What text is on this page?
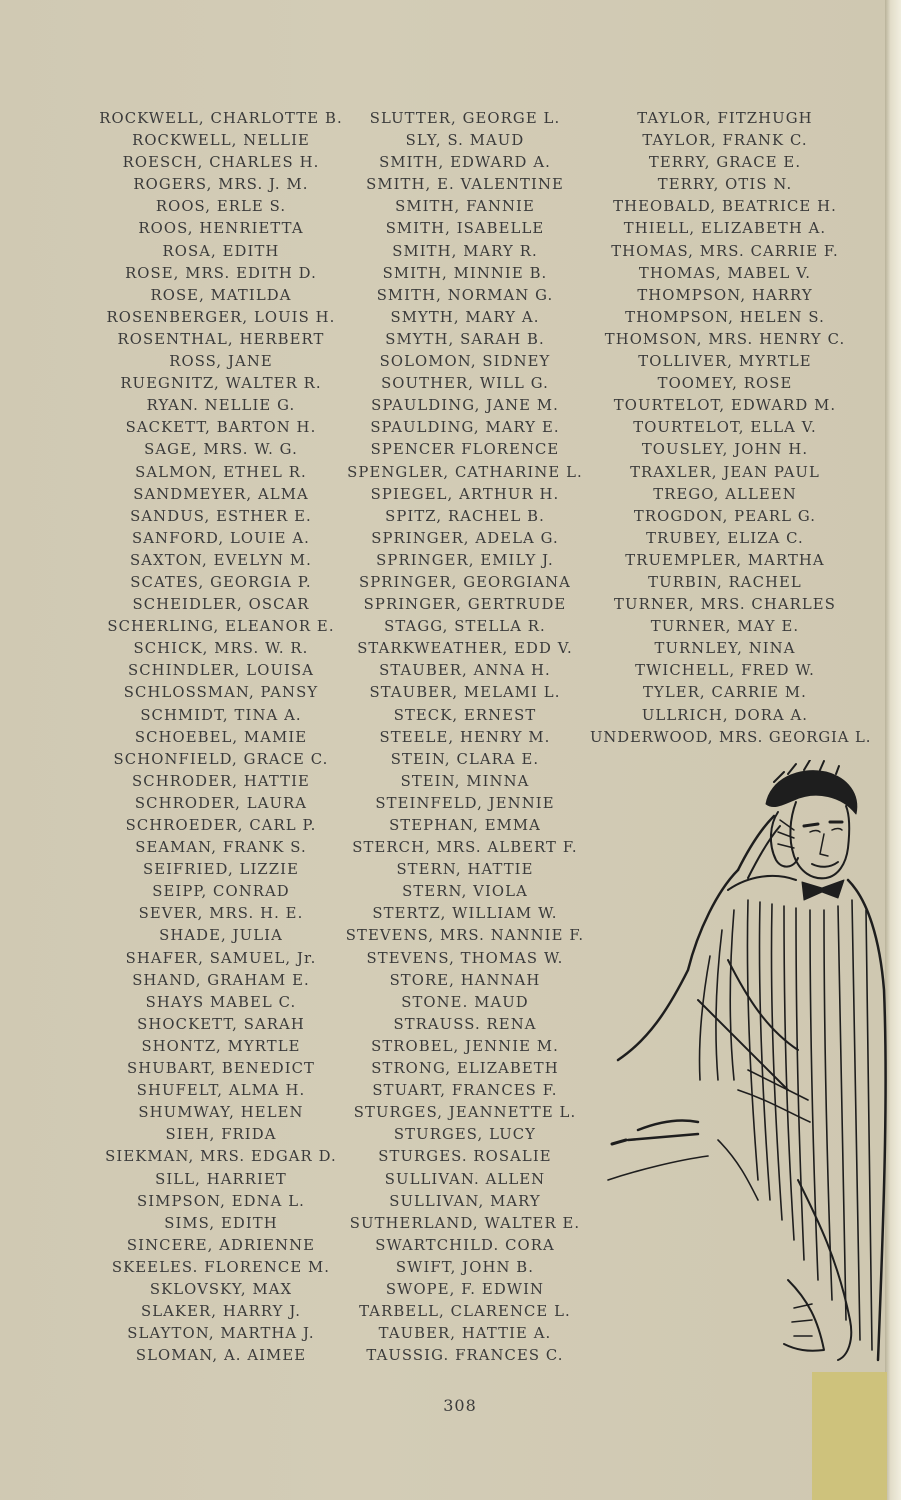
ROCKWELL, CHARLOTTE B.
ROCKWELL, NELLIE
ROESCH, CHARLES H.
ROGERS, MRS. J. M.
ROOS, ERLE S.
ROOS, HENRIETTA
ROSA, EDITH
ROSE, MRS. EDITH D.
ROSE, MATILDA
ROSENBERGER, LOUIS H.
ROSENTHAL, HERBERT
ROSS, JANE
RUEGNITZ, WALTER R.
RYAN. NELLIE G.
SACKETT, BARTON H.
SAGE, MRS. W. G.
SALMON, ETHEL R.
SANDMEYER, ALMA
SANDUS, ESTHER E.
SANFORD, LOUIE A.
SAXTON, EVELYN M.
SCATES, GEORGIA P.
SCHEIDLER, OSCAR
SCHERLING, ELEANOR E.
SCHICK, MRS. W. R.
SCHINDLER, LOUISA
SCHLOSSMAN, PANSY
SCHMIDT, TINA A.
SCHOEBEL, MAMIE
SCHONFIELD, GRACE C.
SCHRODER, HATTIE
SCHRODER, LAURA
SCHROEDER, CARL P.
SEAMAN, FRANK S.
SEIFRIED, LIZZIE
SEIPP, CONRAD
SEVER, MRS. H. E.
SHADE, JULIA
SHAFER, SAMUEL, Jr.
SHAND, GRAHAM E.
SHAYS MABEL C.
SHOCKETT, SARAH
SHONTZ, MYRTLE
SHUBART, BENEDICT
SHUFELT, ALMA H.
SHUMWAY, HELEN
SIEH, FRIDA
SIEKMAN, MRS. EDGAR D.
SILL, HARRIET
SIMPSON, EDNA L.
SIMS, EDITH
SINCERE, ADRIENNE
SKEELES. FLORENCE M.
SKLOVSKY, MAX
SLAKER, HARRY J.
SLAYTON, MARTHA J.
SLOMAN, A. AIMEE
SLUTTER, GEORGE L.
SLY, S. MAUD
SMITH, EDWARD A.
SMITH, E. VALENTINE
SMITH, FANNIE
SMITH, ISABELLE
SMITH, MARY R.
SMITH, MINNIE B.
SMITH, NORMAN G.
SMYTH, MARY A.
SMYTH, SARAH B.
SOLOMON, SIDNEY
SOUTHER, WILL G.
SPAULDING, JANE M.
SPAULDING, MARY E.
SPENCER FLORENCE
SPENGLER, CATHARINE L.
SPIEGEL, ARTHUR H.
SPITZ, RACHEL B.
SPRINGER, ADELA G.
SPRINGER, EMILY J.
SPRINGER, GEORGIANA
SPRINGER, GERTRUDE
STAGG, STELLA R.
STARKWEATHER, EDD V.
STAUBER, ANNA H.
STAUBER, MELAMI L.
STECK, ERNEST
STEELE, HENRY M.
STEIN, CLARA E.
STEIN, MINNA
STEINFELD, JENNIE
STEPHAN, EMMA
STERCH, MRS. ALBERT F.
STERN, HATTIE
STERN, VIOLA
STERTZ, WILLIAM W.
STEVENS, MRS. NANNIE F.
STEVENS, THOMAS W.
STORE, HANNAH
STONE. MAUD
STRAUSS. RENA
STROBEL, JENNIE M.
STRONG, ELIZABETH
STUART, FRANCES F.
STURGES, JEANNETTE L.
STURGES, LUCY
STURGES. ROSALIE
SULLIVAN. ALLEN
SULLIVAN, MARY
SUTHERLAND, WALTER E.
SWARTCHILD. CORA
SWIFT, JOHN B.
SWOPE, F. EDWIN
TARBELL, CLARENCE L.
TAUBER, HATTIE A.
TAUSSIG. FRANCES C.
TAYLOR, FITZHUGH
TAYLOR, FRANK C.
TERRY, GRACE E.
TERRY, OTIS N.
THEOBALD, BEATRICE H.
THIELL, ELIZABETH A.
THOMAS, MRS. CARRIE F.
THOMAS, MABEL V.
THOMPSON, HARRY
THOMPSON, HELEN S.
THOMSON, MRS. HENRY C.
TOLLIVER, MYRTLE
TOOMEY, ROSE
TOURTELOT, EDWARD M.
TOURTELOT, ELLA V.
TOUSLEY, JOHN H.
TRAXLER, JEAN PAUL
TREGO, ALLEEN
TROGDON, PEARL G.
TRUBEY, ELIZA C.
TRUEMPLER, MARTHA
TURBIN, RACHEL
TURNER, MRS. CHARLES
TURNER, MAY E.
TURNLEY, NINA
TWICHELL, FRED W.
TYLER, CARRIE M.
ULLRICH, DORA A.
UNDERWOOD, MRS. GEORGIA L.
308
